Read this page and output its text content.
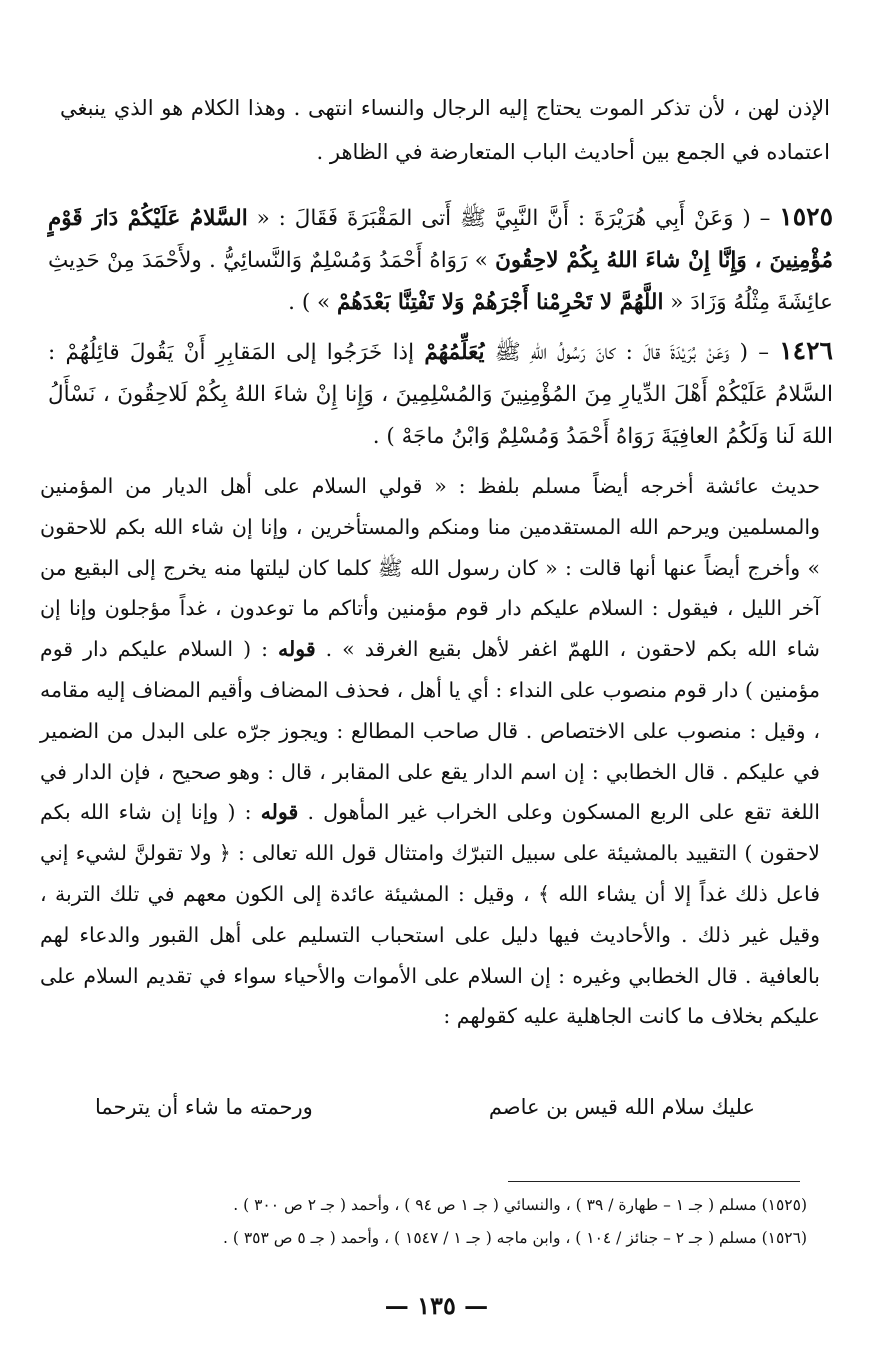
الإذن لهن ، لأن تذكر الموت يحتاج إليه الرجال والنساء انتهى . وهذا الكلام هو الذي ينبغي اعتماده في الجمع بين أحاديث الباب المتعارضة في الظاهر .

١٥٢٥ – ( وَعَنْ أَبِي هُرَيْرَةَ : أَنَّ النَّبِيَّ ﷺ أَتى المَقْبَرَةَ فَقَالَ : « السَّلامُ عَلَيْكُمْ دَارَ قَوْمٍ مُؤْمِنِينَ ، وَإِنَّا إِنْ شاءَ اللهُ بِكُمْ لاحِقُونَ » رَوَاهُ أَحْمَدُ وَمُسْلِمٌ وَالنَّسائِيُّ . ولأَحْمَدَ مِنْ حَدِيثِ عائِشَةَ مِثْلُهُ وَزَادَ « اللَّهُمَّ لا تَحْرِمْنا أَجْرَهُمْ وَلا تَفْتِنَّا بَعْدَهُمْ » ) .

١٤٢٦ – ( وَعَنْ بُرَيْدَةَ قالَ : كانَ رَسُولُ اللهِ ﷺ يُعَلِّمُهُمْ إذا خَرَجُوا إلى المَقابِرِ أَنْ يَقُولَ قائِلُهُمْ : السَّلامُ عَلَيْكُمْ أَهْلَ الدِّيارِ مِنَ المُؤْمِنِينَ وَالمُسْلِمِينَ ، وَإِنا إِنْ شاءَ اللهُ بِكُمْ لَلاحِقُونَ ، نَسْأَلُ اللهَ لَنا وَلَكُمُ العافِيَةَ رَوَاهُ أَحْمَدُ وَمُسْلِمٌ وَابْنُ ماجَهْ ) .

حديث عائشة أخرجه أيضاً مسلم بلفظ : « قولي السلام على أهل الديار من المؤمنين والمسلمين ويرحم الله المستقدمين منا ومنكم والمستأخرين ، وإنا إن شاء الله بكم للاحقون » وأخرج أيضاً عنها أنها قالت : « كان رسول الله ﷺ كلما كان ليلتها منه يخرج إلى البقيع من آخر الليل ، فيقول : السلام عليكم دار قوم مؤمنين وأتاكم ما توعدون ، غداً مؤجلون وإنا إن شاء الله بكم لاحقون ، اللهمّ اغفر لأهل بقيع الغرقد » . قوله : ( السلام عليكم دار قوم مؤمنين ) دار قوم منصوب على النداء : أي يا أهل ، فحذف المضاف وأقيم المضاف إليه مقامه ، وقيل : منصوب على الاختصاص . قال صاحب المطالع : ويجوز جرّه على البدل من الضمير في عليكم . قال الخطابي : إن اسم الدار يقع على المقابر ، قال : وهو صحيح ، فإن الدار في اللغة تقع على الربع المسكون وعلى الخراب غير المأهول . قوله : ( وإنا إن شاء الله بكم لاحقون ) التقييد بالمشيئة على سبيل التبرّك وامتثال قول الله تعالى : ﴿ ولا تقولنَّ لشيء إني فاعل ذلك غداً إلا أن يشاء الله ﴾ ، وقيل : المشيئة عائدة إلى الكون معهم في تلك التربة ، وقيل غير ذلك . والأحاديث فيها دليل على استحباب التسليم على أهل القبور والدعاء لهم بالعافية . قال الخطابي وغيره : إن السلام على الأموات والأحياء سواء في تقديم السلام على عليكم بخلاف ما كانت الجاهلية عليه كقولهم :

عليك سلام الله قيس بن عاصم
ورحمته ما شاء أن يترحما
(١٥٢٥) مسلم ( جـ ١ – طهارة / ٣٩ ) ، والنسائي ( جـ ١ ص ٩٤ ) ، وأحمد ( جـ ٢ ص ٣٠٠ ) .
(١٥٢٦) مسلم ( جـ ٢ – جنائز / ١٠٤ ) ، وابن ماجه ( جـ ١ / ١٥٤٧ ) ، وأحمد ( جـ ٥ ص ٣٥٣ ) .
— ١٣٥ —
